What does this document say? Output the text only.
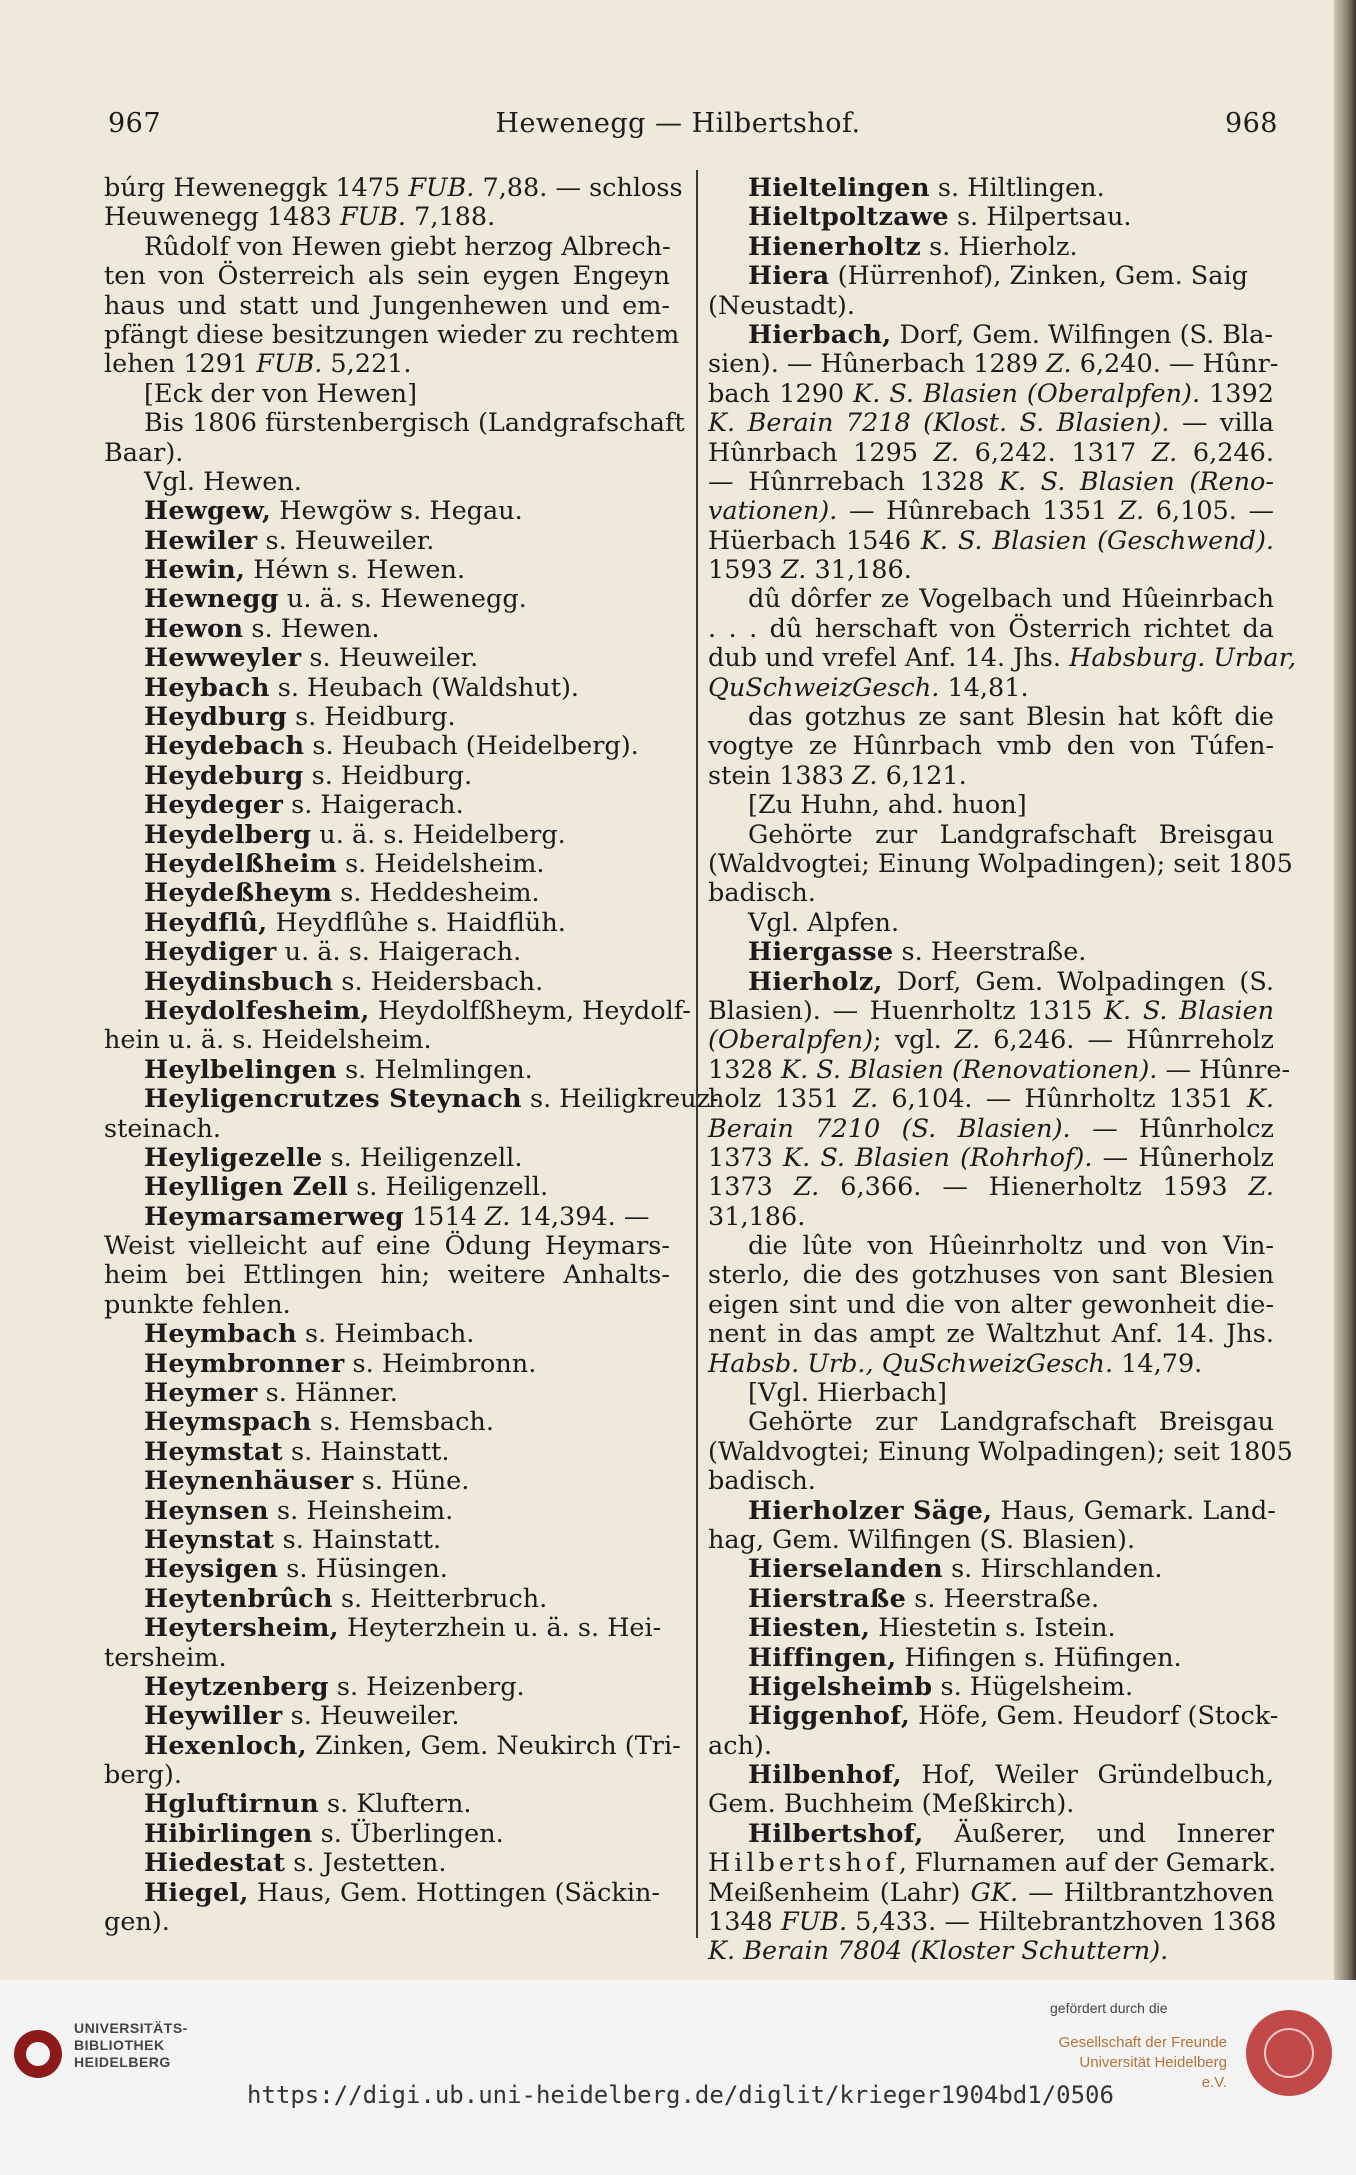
967	Hewenegg — Hilbertshof.	968
búrg Heweneggk 1475 FUB. 7,88. — schloss
Heuwenegg 1483 FUB. 7,188.
Rûdolf von Hewen giebt herzog Albrech-
ten von Österreich als sein eygen Engeyn
haus und statt und Jungenhewen und em-
pfängt diese besitzungen wieder zu rechtem
lehen 1291 FUB. 5,221.
[Eck der von Hewen]
Bis 1806 fürstenbergisch (Landgrafschaft
Baar).
Vgl. Hewen.
Hewgew, Hewgöw s. Hegau.
Hewiler s. Heuweiler.
Hewin, Héwn s. Hewen.
Hewnegg u. ä. s. Hewenegg.
Hewon s. Hewen.
Hewweyler s. Heuweiler.
Heybach s. Heubach (Waldshut).
Heydburg s. Heidburg.
Heydebach s. Heubach (Heidelberg).
Heydeburg s. Heidburg.
Heydeger s. Haigerach.
Heydelberg u. ä. s. Heidelberg.
Heydelßheim s. Heidelsheim.
Heydeßheym s. Heddesheim.
Heydflû, Heydflûhe s. Haidflüh.
Heydiger u. ä. s. Haigerach.
Heydinsbuch s. Heidersbach.
Heydolfesheim, Heydolfßheym, Heydolf-
hein u. ä. s. Heidelsheim.
Heylbelingen s. Helmlingen.
Heyligencrutzes Steynach s. Heiligkreuz-
steinach.
Heyligezelle s. Heiligenzell.
Heylligen Zell s. Heiligenzell.
Heymarsamerweg 1514 Z. 14,394. —
Weist vielleicht auf eine Ödung Heymars-
heim bei Ettlingen hin; weitere Anhalts-
punkte fehlen.
Heymbach s. Heimbach.
Heymbronner s. Heimbronn.
Heymer s. Hänner.
Heymspach s. Hemsbach.
Heymstat s. Hainstatt.
Heynenhäuser s. Hüne.
Heynsen s. Heinsheim.
Heynstat s. Hainstatt.
Heysigen s. Hüsingen.
Heytenbrûch s. Heitterbruch.
Heytersheim, Heyterzhein u. ä. s. Hei-
tersheim.
Heytzenberg s. Heizenberg.
Heywiller s. Heuweiler.
Hexenloch, Zinken, Gem. Neukirch (Tri-
berg).
Hgluftirnun s. Kluftern.
Hibirlingen s. Überlingen.
Hiedestat s. Jestetten.
Hiegel, Haus, Gem. Hottingen (Säckin-
gen).
Hieltelingen s. Hiltlingen.
Hieltpoltzawe s. Hilpertsau.
Hienerholtz s. Hierholz.
Hiera (Hürrenhof), Zinken, Gem. Saig
(Neustadt).
Hierbach, Dorf, Gem. Wilfingen (S. Bla-
sien). — Hûnerbach 1289 Z. 6,240. — Hûnr-
bach 1290 K. S. Blasien (Oberalpfen). 1392
K. Berain 7218 (Klost. S. Blasien). — villa
Hûnrbach 1295 Z. 6,242. 1317 Z. 6,246.
— Hûnrrebach 1328 K. S. Blasien (Reno-
vationen). — Hûnrebach 1351 Z. 6,105. —
Hüerbach 1546 K. S. Blasien (Geschwend).
1593 Z. 31,186.
dû dôrfer ze Vogelbach und Hûeinrbach
. . . dû herschaft von Österrich richtet da
dub und vrefel Anf. 14. Jhs. Habsburg. Urbar,
QuSchweizGesch. 14,81.
das gotzhus ze sant Blesin hat kôft die
vogtye ze Hûnrbach vmb den von Túfen-
stein 1383 Z. 6,121.
[Zu Huhn, ahd. huon]
Gehörte zur Landgrafschaft Breisgau
(Waldvogtei; Einung Wolpadingen); seit 1805
badisch.
Vgl. Alpfen.
Hiergasse s. Heerstraße.
Hierholz, Dorf, Gem. Wolpadingen (S.
Blasien). — Huenrholtz 1315 K. S. Blasien
(Oberalpfen); vgl. Z. 6,246. — Hûnrreholz
1328 K. S. Blasien (Renovationen). — Hûnre-
holz 1351 Z. 6,104. — Hûnrholtz 1351 K.
Berain 7210 (S. Blasien). — Hûnrholcz
1373 K. S. Blasien (Rohrhof). — Hûnerholz
1373 Z. 6,366. — Hienerholtz 1593 Z.
31,186.
die lûte von Hûeinrholtz und von Vin-
sterlo, die des gotzhuses von sant Blesien
eigen sint und die von alter gewonheit die-
nent in das ampt ze Waltzhut Anf. 14. Jhs.
Habsb. Urb., QuSchweizGesch. 14,79.
[Vgl. Hierbach]
Gehörte zur Landgrafschaft Breisgau
(Waldvogtei; Einung Wolpadingen); seit 1805
badisch.
Hierholzer Säge, Haus, Gemark. Land-
hag, Gem. Wilfingen (S. Blasien).
Hierselanden s. Hirschlanden.
Hierstraße s. Heerstraße.
Hiesten, Hiestetin s. Istein.
Hiffingen, Hifingen s. Hüfingen.
Higelsheimb s. Hügelsheim.
Higgenhof, Höfe, Gem. Heudorf (Stock-
ach).
Hilbenhof, Hof, Weiler Gründelbuch,
Gem. Buchheim (Meßkirch).
Hilbertshof, Äußerer, und Innerer
Hilbertshof, Flurnamen auf der Gemark.
Meißenheim (Lahr) GK. — Hiltbrantzhoven
1348 FUB. 5,433. — Hiltebrantzhoven 1368
K. Berain 7804 (Kloster Schuttern).
UNIVERSITÄTS-
BIBLIOTHEK
HEIDELBERG
https://digi.ub.uni-heidelberg.de/diglit/krieger1904bd1/0506
gefördert durch die
Gesellschaft der Freunde
Universität Heidelberg e.V.
